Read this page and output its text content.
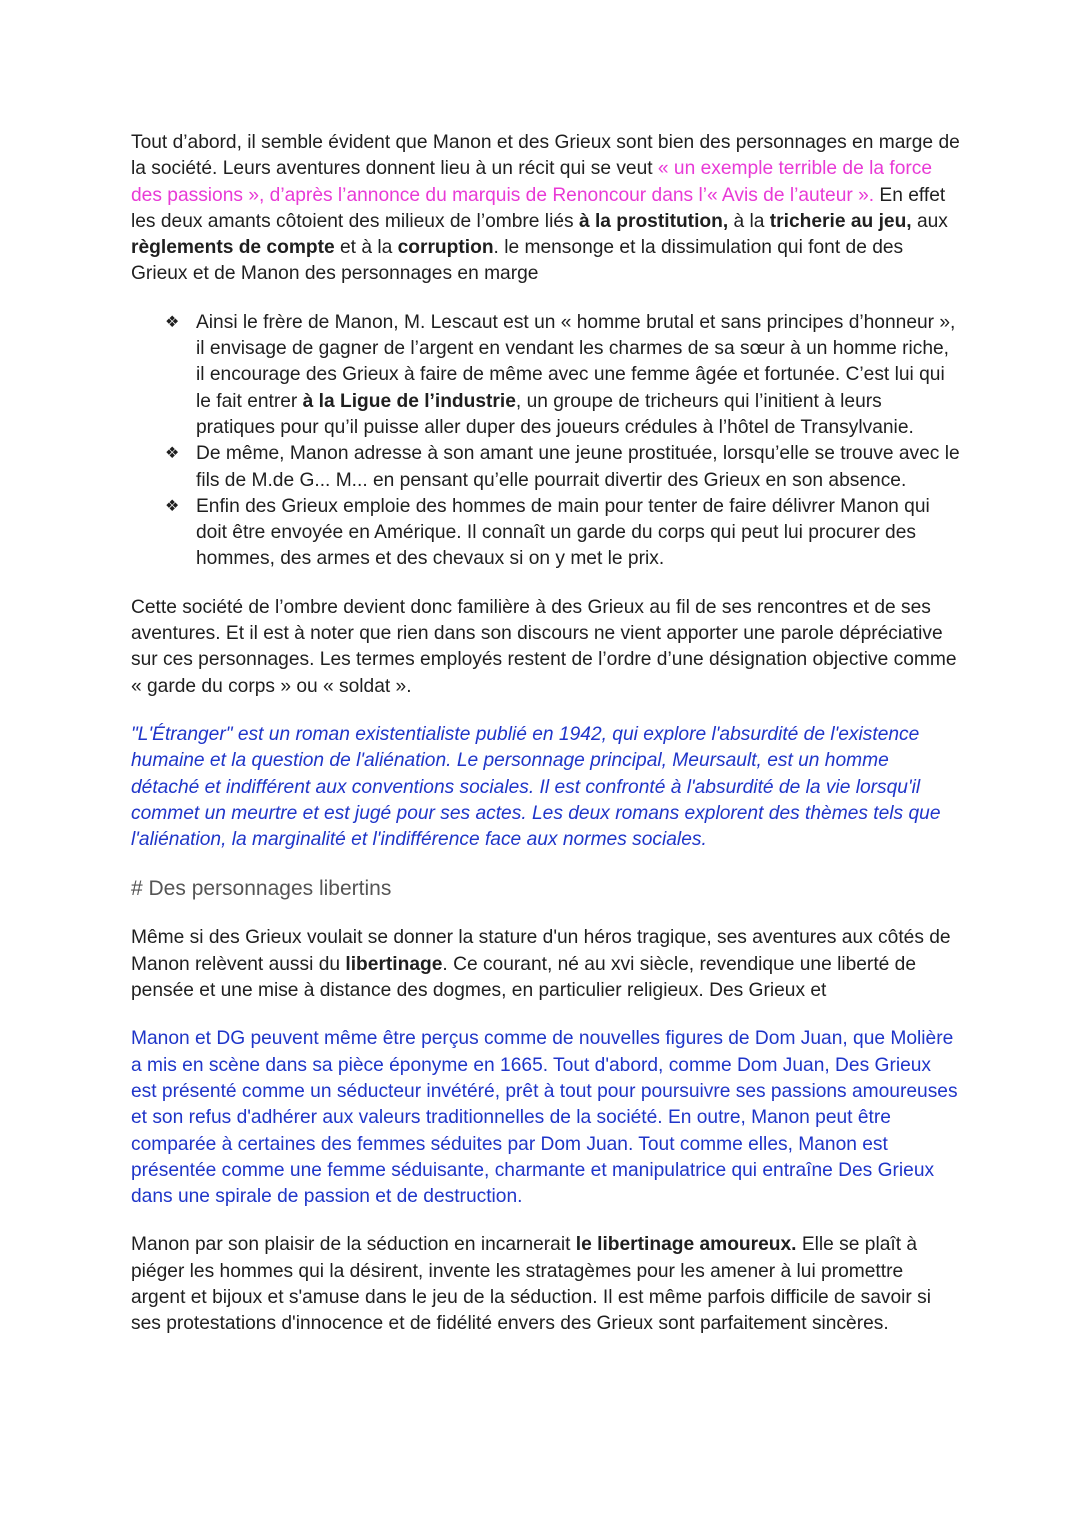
Tout d’abord, il semble évident que Manon et des Grieux sont bien des personnages en marge de la société. Leurs aventures donnent lieu à un récit qui se veut « un exemple terrible de la force des passions », d’après l’annonce du marquis de Renoncour dans l’« Avis de l’auteur ». En effet les deux amants côtoient des milieux de l’ombre liés à la prostitution, à la tricherie au jeu, aux règlements de compte et à la corruption. le mensonge et la dissimulation qui font de des Grieux et de Manon des personnages en marge

❖ Ainsi le frère de Manon, M. Lescaut est un « homme brutal et sans principes d’honneur », il envisage de gagner de l’argent en vendant les charmes de sa sœur à un homme riche, il encourage des Grieux à faire de même avec une femme âgée et fortunée. C’est lui qui le fait entrer à la Ligue de l’industrie, un groupe de tricheurs qui l’initient à leurs pratiques pour qu’il puisse aller duper des joueurs crédules à l’hôtel de Transylvanie.
❖ De même, Manon adresse à son amant une jeune prostituée, lorsqu’elle se trouve avec le fils de M.de G... M... en pensant qu’elle pourrait divertir des Grieux en son absence.
❖ Enfin des Grieux emploie des hommes de main pour tenter de faire délivrer Manon qui doit être envoyée en Amérique. Il connaît un garde du corps qui peut lui procurer des hommes, des armes et des chevaux si on y met le prix.

Cette société de l’ombre devient donc familière à des Grieux au fil de ses rencontres et de ses aventures. Et il est à noter que rien dans son discours ne vient apporter une parole dépréciative sur ces personnages. Les termes employés restent de l’ordre d’une désignation objective comme « garde du corps » ou « soldat ».

"L'Étranger" est un roman existentialiste publié en 1942, qui explore l'absurdité de l'existence humaine et la question de l'aliénation. Le personnage principal, Meursault, est un homme détaché et indifférent aux conventions sociales. Il est confronté à l'absurdité de la vie lorsqu'il commet un meurtre et est jugé pour ses actes. Les deux romans explorent des thèmes tels que l'aliénation, la marginalité et l'indifférence face aux normes sociales.

# Des personnages libertins

Même si des Grieux voulait se donner la stature d'un héros tragique, ses aventures aux côtés de Manon relèvent aussi du libertinage. Ce courant, né au xvi siècle, revendique une liberté de pensée et une mise à distance des dogmes, en particulier religieux. Des Grieux et

Manon et DG peuvent même être perçus comme de nouvelles figures de Dom Juan, que Molière a mis en scène dans sa pièce éponyme en 1665. Tout d'abord, comme Dom Juan, Des Grieux est présenté comme un séducteur invétéré, prêt à tout pour poursuivre ses passions amoureuses et son refus d'adhérer aux valeurs traditionnelles de la société. En outre, Manon peut être comparée à certaines des femmes séduites par Dom Juan. Tout comme elles, Manon est présentée comme une femme séduisante, charmante et manipulatrice qui entraîne Des Grieux dans une spirale de passion et de destruction.

Manon par son plaisir de la séduction en incarnerait le libertinage amoureux. Elle se plaît à piéger les hommes qui la désirent, invente les stratagèmes pour les amener à lui promettre argent et bijoux et s'amuse dans le jeu de la séduction. Il est même parfois difficile de savoir si ses protestations d'innocence et de fidélité envers des Grieux sont parfaitement sincères.
